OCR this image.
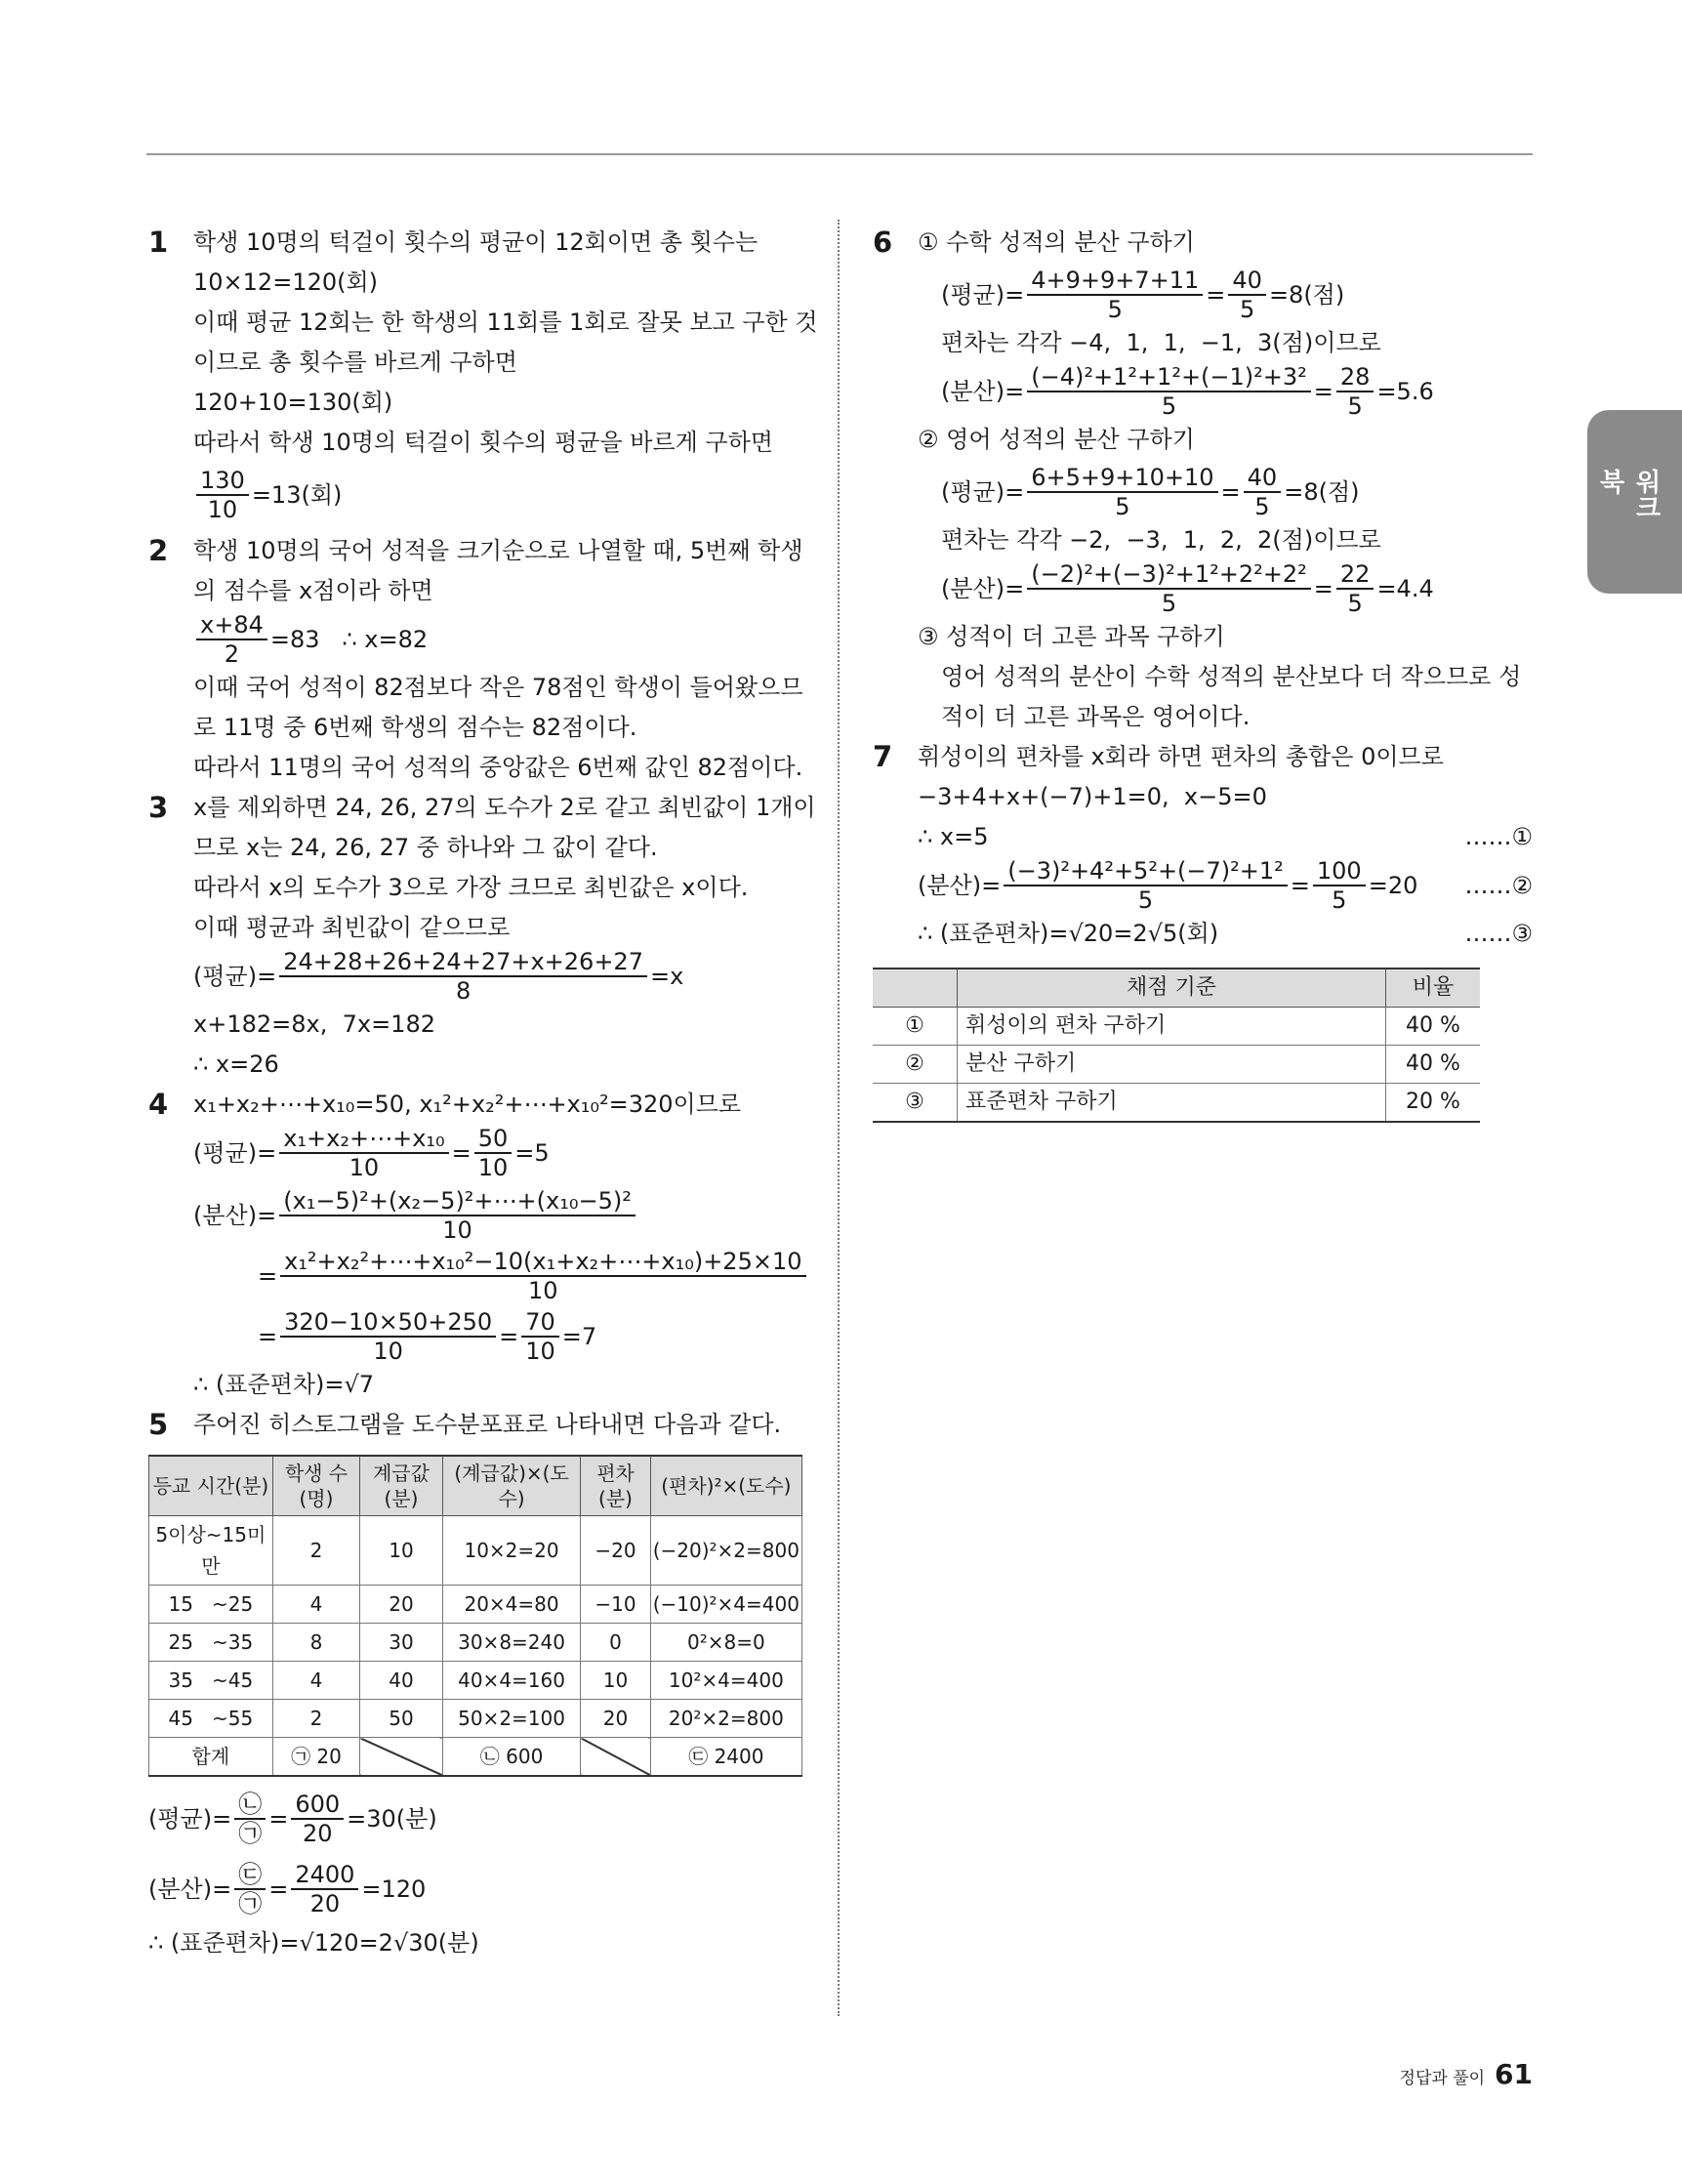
1 학생 10명의 턱걸이 횟수의 평균이 12회이면 총 횟수는
10×12=120(회)
이때 평균 12회는 한 학생의 11회를 1회로 잘못 보고 구한 것
이므로 총 횟수를 바르게 구하면
120+10=130(회)
따라서 학생 10명의 턱걸이 횟수의 평균을 바르게 구하면
$\frac{130}{10} =13$(회)
2 학생 10명의 국어 성적을 크기순으로 나열할 때, 5번째 학생
의 점수를 x점이라 하면
$\frac{x+84}{2} =83$   ∴ x=82
이때 국어 성적이 82점보다 작은 78점인 학생이 들어왔으므
로 11명 중 6번째 학생의 점수는 82점이다.
따라서 11명의 국어 성적의 중앙값은 6번째 값인 82점이다.
3 x를 제외하면 24, 26, 27의 도수가 2로 같고 최빈값이 1개이
므로 x는 24, 26, 27 중 하나와 그 값이 같다.
따라서 x의 도수가 3으로 가장 크므로 최빈값은 x이다.
이때 평균과 최빈값이 같으므로
(평균)= $\frac{24+28+26+24+27+x+26+27}{8} =x$
x+182=8x,  7x=182
∴ x=26
4 x₁+x₂+⋯+x₁₀=50, x₁²+x₂²+⋯+x₁₀²=320이므로
(평균)= $\frac{\text{x₁+x₂+⋯+x₁₀}}{10} = \frac{50}{10} =5$
(분산)= $\frac{\text{(x₁−5)²+(x₂−5)²+⋯+(x₁₀−5)²}}{10}$
= $\frac{\text{x₁²+x₂²+⋯+x₁₀²−10(x₁+x₂+⋯+x₁₀)+25×10}}{10}$
= $\frac{320-10\times 50+250}{10} = \frac{70}{10} =7$
∴ (표준편차)=√7
5 주어진 히스토그램을 도수분포표로 나타내면 다음과 같다.
등교 시간(분)	학생 수(명)	계급값(분)	(계급값)×(도수)	편차(분)	(편차)²×(도수)
5이상~15미만	2	10	10×2=20	−20	(−20)²×2=800
15   ~25	4	20	20×4=80	−10	(−10)²×4=400
25   ~35	8	30	30×8=240	0	0²×8=0
35   ~45	4	40	40×4=160	10	10²×4=400
45   ~55	2	50	50×2=100	20	20²×2=800
합계	㉠ 20		㉡ 600		㉢ 2400
(평균)= $\frac{㉡}{㉠} = \frac{600}{20} =30$(분)
(분산)= $\frac{㉢}{㉠} = \frac{2400}{20} =120$
∴ (표준편차)=√120=2√30(분)
6 ① 수학 성적의 분산 구하기
(평균)= $\frac{4+9+9+7+11}{5} = \frac{40}{5} =8$(점)
편차는 각각 −4,  1,  1,  −1,  3(점)이므로
(분산)= $\frac{\text{(−4)²+1²+1²+(−1)²+3²}}{5} = \frac{28}{5} =5.6$
② 영어 성적의 분산 구하기
(평균)= $\frac{6+5+9+10+10}{5} = \frac{40}{5} =8$(점)
편차는 각각 −2,  −3,  1,  2,  2(점)이므로
(분산)= $\frac{\text{(−2)²+(−3)²+1²+2²+2²}}{5} = \frac{22}{5} =4.4$
③ 성적이 더 고른 과목 구하기
영어 성적의 분산이 수학 성적의 분산보다 더 작으므로 성
적이 더 고른 과목은 영어이다.
7 휘성이의 편차를 x회라 하면 편차의 총합은 0이므로
−3+4+x+(−7)+1=0,  x−5=0
∴ x=5	……①
(분산)= $\frac{\text{(−3)²+4²+5²+(−7)²+1²}}{5} = \frac{100}{5} =20$ ……②
∴ (표준편차)=√20=2√5(회)	……③
	채점 기준	비율
①	휘성이의 편차 구하기	40 %
②	분산 구하기	40 %
③	표준편차 구하기	20 %
워크북
정답과 풀이 61
